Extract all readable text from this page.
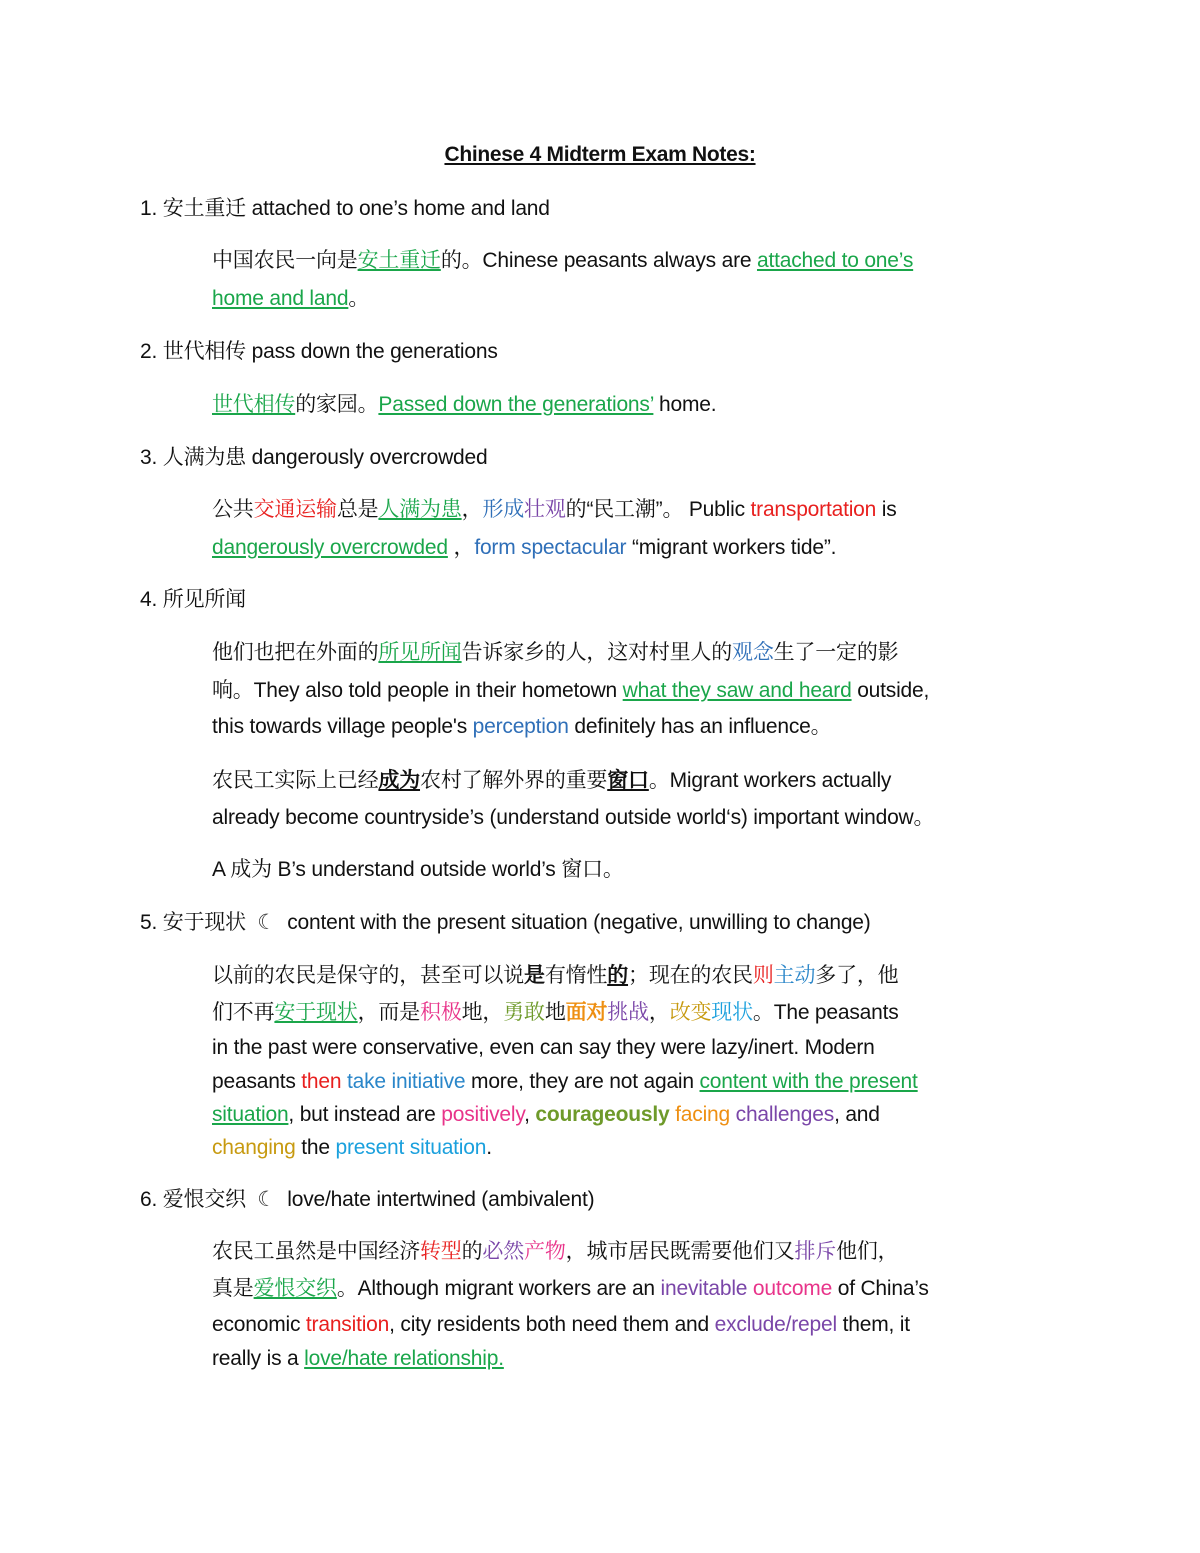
Chinese 4 Midterm Exam Notes:
1. 安土重迁 attached to one’s home and land
中国农民一向是安土重迁的。Chinese peasants always are attached to one’s
home and land。
2. 世代相传 pass down the generations
世代相传的家园。Passed down the generations’ home.
3. 人满为患 dangerously overcrowded
公共交通运输总是人满为患，形成壮观的“民工潮”。 Public transportation is
dangerously overcrowded ，form spectacular “migrant workers tide”.
4. 所见所闻
他们也把在外面的所见所闻告诉家乡的人，这对村里人的观念生了一定的影
响。They also told people in their hometown what they saw and heard outside,
this towards village people's perception definitely has an influence。
农民工实际上已经成为农村了解外界的重要窗口。Migrant workers actually
already become countryside’s (understand outside world‘s) important window。
A 成为 B’s understand outside world’s 窗口。
5. 安于现状 ☾ content with the present situation (negative, unwilling to change)
以前的农民是保守的，甚至可以说是有惰性的；现在的农民则主动多了，他
们不再安于现状，而是积极地，勇敢地面对挑战，改变现状。The peasants
in the past were conservative, even can say they were lazy/inert. Modern
peasants then take initiative more, they are not again content with the present
situation, but instead are positively, courageously facing challenges, and
changing the present situation.
6. 爱恨交织 ☾ love/hate intertwined (ambivalent)
农民工虽然是中国经济转型的必然产物，城市居民既需要他们又排斥他们，
真是爱恨交织。Although migrant workers are an inevitable outcome of China’s
economic transition, city residents both need them and exclude/repel them, it
really is a love/hate relationship.
